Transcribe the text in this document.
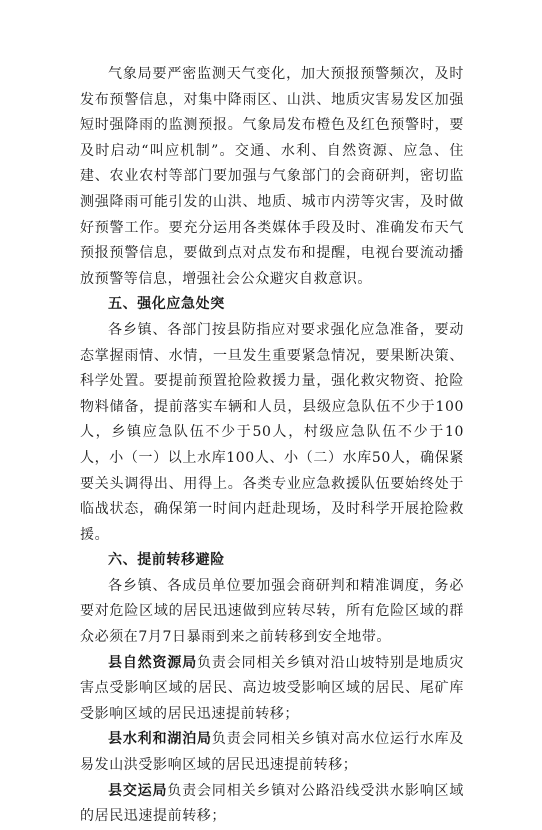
气象局要严密监测天气变化，加大预报预警频次，及时发布预警信息，对集中降雨区、山洪、地质灾害易发区加强短时强降雨的监测预报。气象局发布橙色及红色预警时，要及时启动“叫应机制”。交通、水利、自然资源、应急、住建、农业农村等部门要加强与气象部门的会商研判，密切监测强降雨可能引发的山洪、地质、城市内涝等灾害，及时做好预警工作。要充分运用各类媒体手段及时、准确发布天气预报预警信息，要做到点对点发布和提醒，电视台要流动播放预警等信息，增强社会公众避灾自救意识。

五、强化应急处突

各乡镇、各部门按县防指应对要求强化应急准备，要动态掌握雨情、水情，一旦发生重要紧急情况，要果断决策、科学处置。要提前预置抢险救援力量，强化救灾物资、抢险物料储备，提前落实车辆和人员，县级应急队伍不少于100人，乡镇应急队伍不少于50人，村级应急队伍不少于10人，小（一）以上水库100人、小（二）水库50人，确保紧要关头调得出、用得上。各类专业应急救援队伍要始终处于临战状态，确保第一时间内赶赴现场，及时科学开展抢险救援。

六、提前转移避险

各乡镇、各成员单位要加强会商研判和精准调度，务必要对危险区域的居民迅速做到应转尽转，所有危险区域的群众必须在7月7日暴雨到来之前转移到安全地带。

县自然资源局负责会同相关乡镇对沿山坡特别是地质灾害点受影响区域的居民、高边坡受影响区域的居民、尾矿库受影响区域的居民迅速提前转移；

县水利和湖泊局负责会同相关乡镇对高水位运行水库及易发山洪受影响区域的居民迅速提前转移；

县交运局负责会同相关乡镇对公路沿线受洪水影响区域的居民迅速提前转移；
